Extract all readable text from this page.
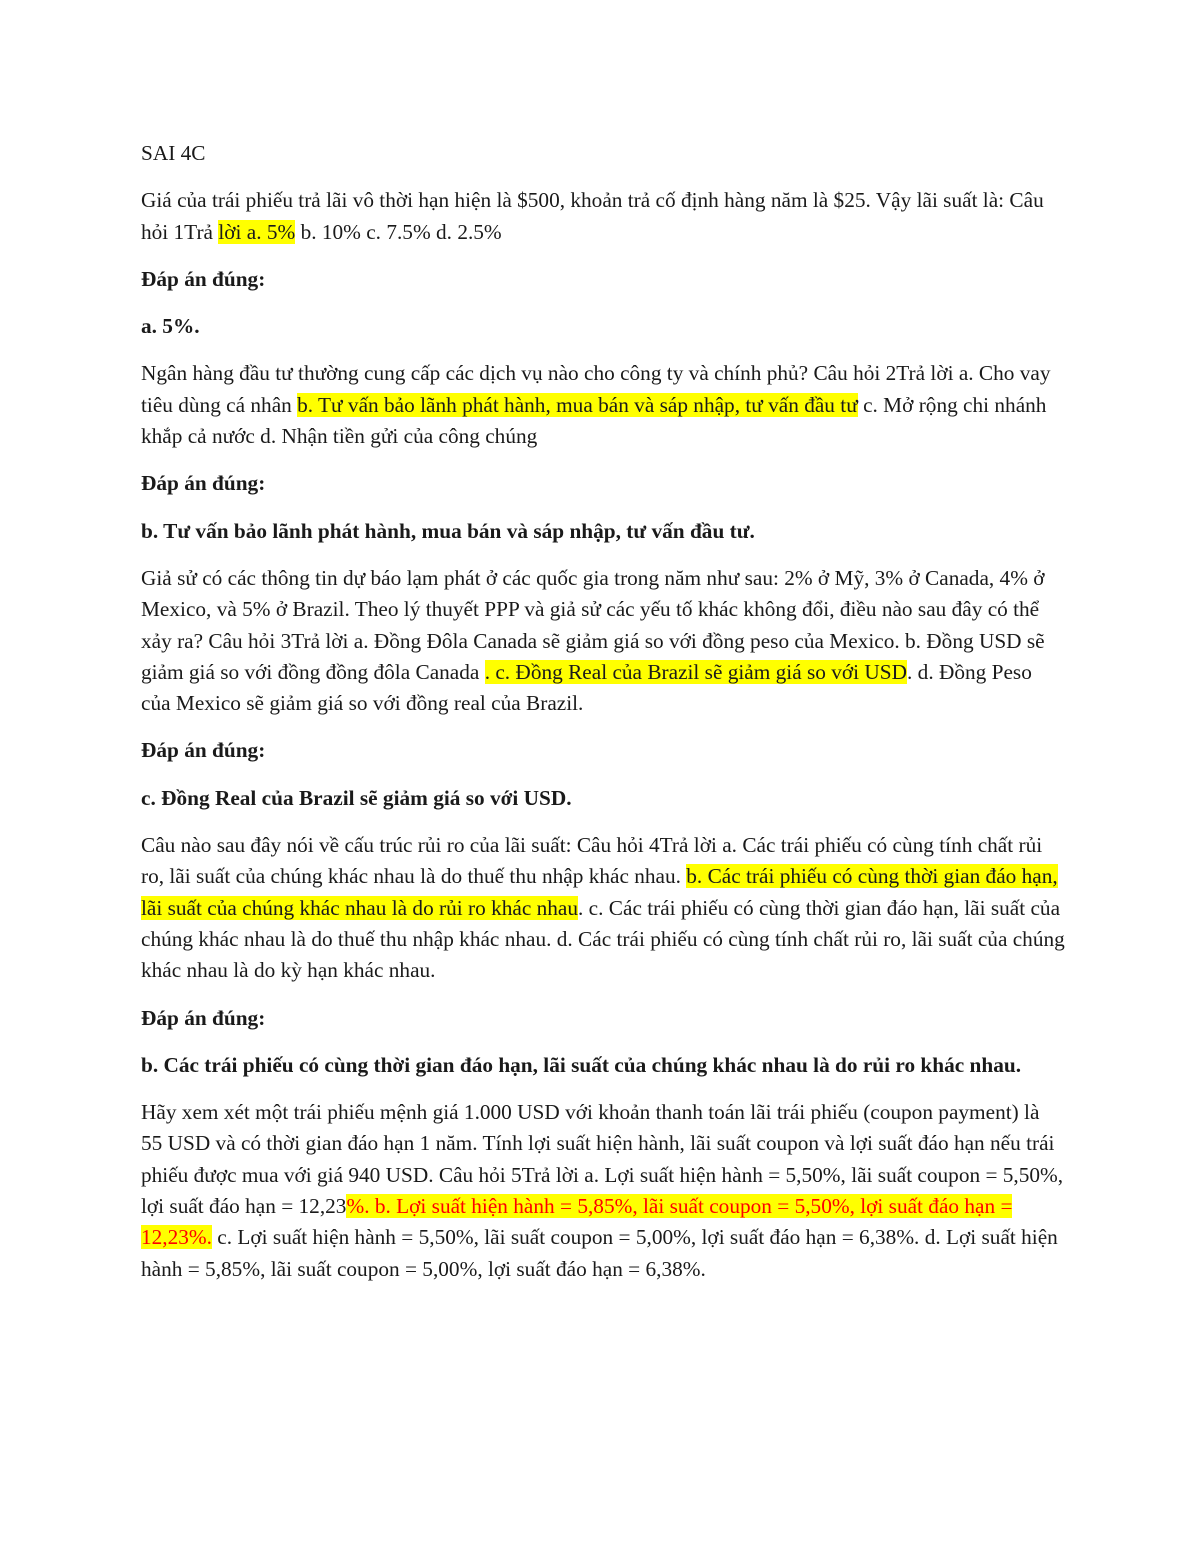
SAI 4C

Giá của trái phiếu trả lãi vô thời hạn hiện là $500, khoản trả cố định hàng năm là $25. Vậy lãi suất là: Câu hỏi 1Trả lời a. 5% b. 10% c. 7.5% d. 2.5%

Đáp án đúng:

a. 5%.

Ngân hàng đầu tư thường cung cấp các dịch vụ nào cho công ty và chính phủ? Câu hỏi 2Trả lời a. Cho vay tiêu dùng cá nhân b. Tư vấn bảo lãnh phát hành, mua bán và sáp nhập, tư vấn đầu tư c. Mở rộng chi nhánh khắp cả nước d. Nhận tiền gửi của công chúng

Đáp án đúng:

b. Tư vấn bảo lãnh phát hành, mua bán và sáp nhập, tư vấn đầu tư.

Giả sử có các thông tin dự báo lạm phát ở các quốc gia trong năm như sau: 2% ở Mỹ, 3% ở Canada, 4% ở Mexico, và 5% ở Brazil. Theo lý thuyết PPP và giả sử các yếu tố khác không đổi, điều nào sau đây có thể xảy ra? Câu hỏi 3Trả lời a. Đồng Đôla Canada sẽ giảm giá so với đồng peso của Mexico. b. Đồng USD sẽ giảm giá so với đồng đồng đôla Canada . c. Đồng Real của Brazil sẽ giảm giá so với USD. d. Đồng Peso của Mexico sẽ giảm giá so với đồng real của Brazil.

Đáp án đúng:

c. Đồng Real của Brazil sẽ giảm giá so với USD.

Câu nào sau đây nói về cấu trúc rủi ro của lãi suất: Câu hỏi 4Trả lời a. Các trái phiếu có cùng tính chất rủi ro, lãi suất của chúng khác nhau là do thuế thu nhập khác nhau. b. Các trái phiếu có cùng thời gian đáo hạn, lãi suất của chúng khác nhau là do rủi ro khác nhau. c. Các trái phiếu có cùng thời gian đáo hạn, lãi suất của chúng khác nhau là do thuế thu nhập khác nhau. d. Các trái phiếu có cùng tính chất rủi ro, lãi suất của chúng khác nhau là do kỳ hạn khác nhau.

Đáp án đúng:

b. Các trái phiếu có cùng thời gian đáo hạn, lãi suất của chúng khác nhau là do rủi ro khác nhau.

Hãy xem xét một trái phiếu mệnh giá 1.000 USD với khoản thanh toán lãi trái phiếu (coupon payment) là 55 USD và có thời gian đáo hạn 1 năm. Tính lợi suất hiện hành, lãi suất coupon và lợi suất đáo hạn nếu trái phiếu được mua với giá 940 USD. Câu hỏi 5Trả lời a. Lợi suất hiện hành = 5,50%, lãi suất coupon = 5,50%, lợi suất đáo hạn = 12,23%. b. Lợi suất hiện hành = 5,85%, lãi suất coupon = 5,50%, lợi suất đáo hạn = 12,23%. c. Lợi suất hiện hành = 5,50%, lãi suất coupon = 5,00%, lợi suất đáo hạn = 6,38%. d. Lợi suất hiện hành = 5,85%, lãi suất coupon = 5,00%, lợi suất đáo hạn = 6,38%.
